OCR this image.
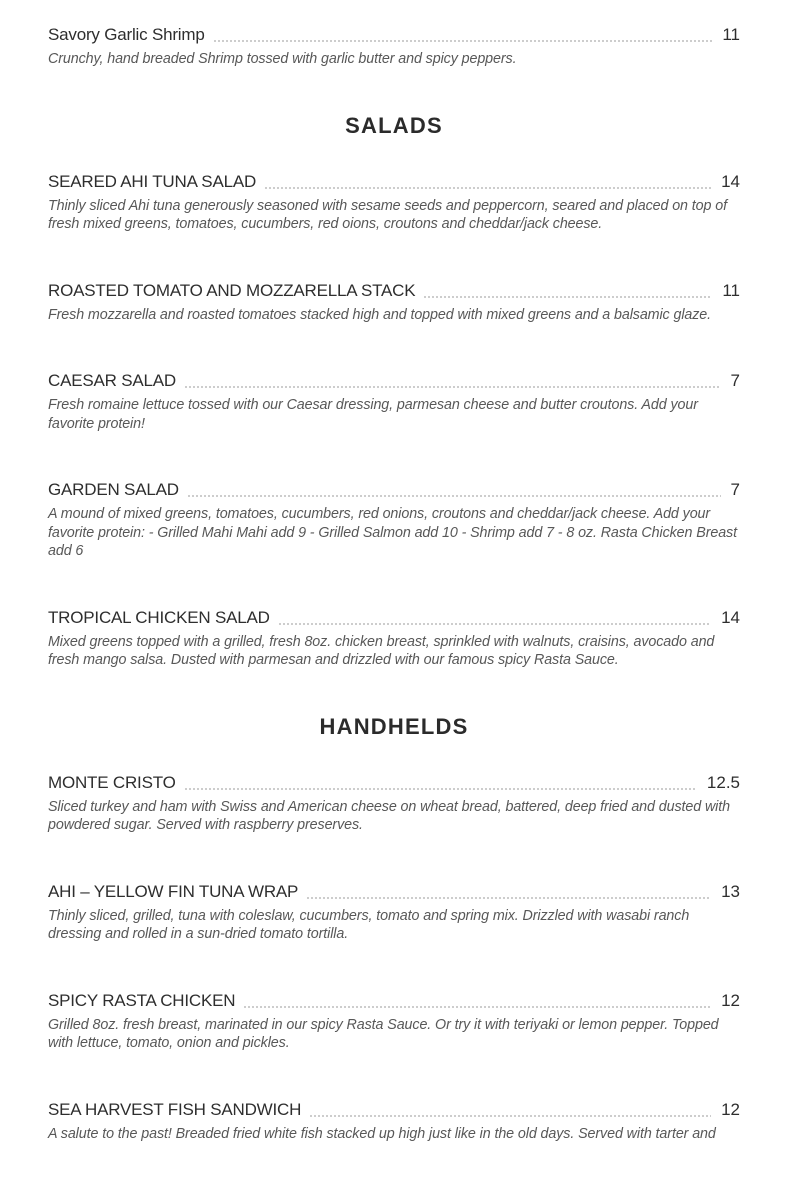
Savory Garlic Shrimp	11
Crunchy, hand breaded Shrimp tossed with garlic butter and spicy peppers.
SALADS
SEARED AHI TUNA SALAD	14
Thinly sliced Ahi tuna generously seasoned with sesame seeds and peppercorn, seared and placed on top of fresh mixed greens, tomatoes, cucumbers, red oions, croutons and cheddar/jack cheese.
ROASTED TOMATO AND MOZZARELLA STACK	11
Fresh mozzarella and roasted tomatoes stacked high and topped with mixed greens and a balsamic glaze.
CAESAR SALAD	7
Fresh romaine lettuce tossed with our Caesar dressing, parmesan cheese and butter croutons. Add your favorite protein!
GARDEN SALAD	7
A mound of mixed greens, tomatoes, cucumbers, red onions, croutons and cheddar/jack cheese. Add your favorite protein: - Grilled Mahi Mahi add 9 - Grilled Salmon add 10 - Shrimp add 7 - 8 oz. Rasta Chicken Breast add 6
TROPICAL CHICKEN SALAD	14
Mixed greens topped with a grilled, fresh 8oz. chicken breast, sprinkled with walnuts, craisins, avocado and fresh mango salsa. Dusted with parmesan and drizzled with our famous spicy Rasta Sauce.
HANDHELDS
MONTE CRISTO	12.5
Sliced turkey and ham with Swiss and American cheese on wheat bread, battered, deep fried and dusted with powdered sugar. Served with raspberry preserves.
AHI – YELLOW FIN TUNA WRAP	13
Thinly sliced, grilled, tuna with coleslaw, cucumbers, tomato and spring mix. Drizzled with wasabi ranch dressing and rolled in a sun-dried tomato tortilla.
SPICY RASTA CHICKEN	12
Grilled 8oz. fresh breast, marinated in our spicy Rasta Sauce. Or try it with teriyaki or lemon pepper. Topped with lettuce, tomato, onion and pickles.
SEA HARVEST FISH SANDWICH	12
A salute to the past! Breaded fried white fish stacked up high just like in the old days. Served with tarter and
